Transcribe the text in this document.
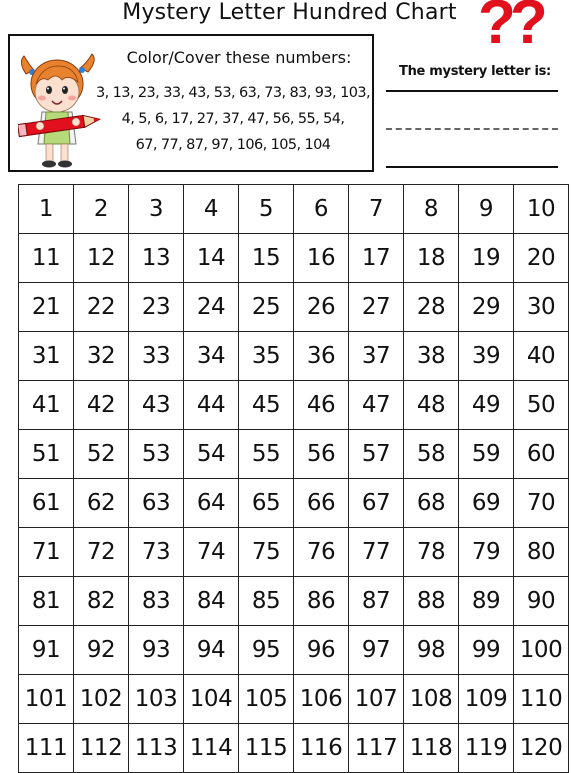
Mystery Letter Hundred Chart ??
Color/Cover these numbers:
3, 13, 23, 33, 43, 53, 63, 73, 83, 93, 103,
4, 5, 6, 17, 27, 37, 47, 56, 55, 54,
67, 77, 87, 97, 106, 105, 104
The mystery letter is:
1	2	3	4	5	6	7	8	9	10
11	12	13	14	15	16	17	18	19	20
21	22	23	24	25	26	27	28	29	30
31	32	33	34	35	36	37	38	39	40
41	42	43	44	45	46	47	48	49	50
51	52	53	54	55	56	57	58	59	60
61	62	63	64	65	66	67	68	69	70
71	72	73	74	75	76	77	78	79	80
81	82	83	84	85	86	87	88	89	90
91	92	93	94	95	96	97	98	99	100
101	102	103	104	105	106	107	108	109	110
111	112	113	114	115	116	117	118	119	120
